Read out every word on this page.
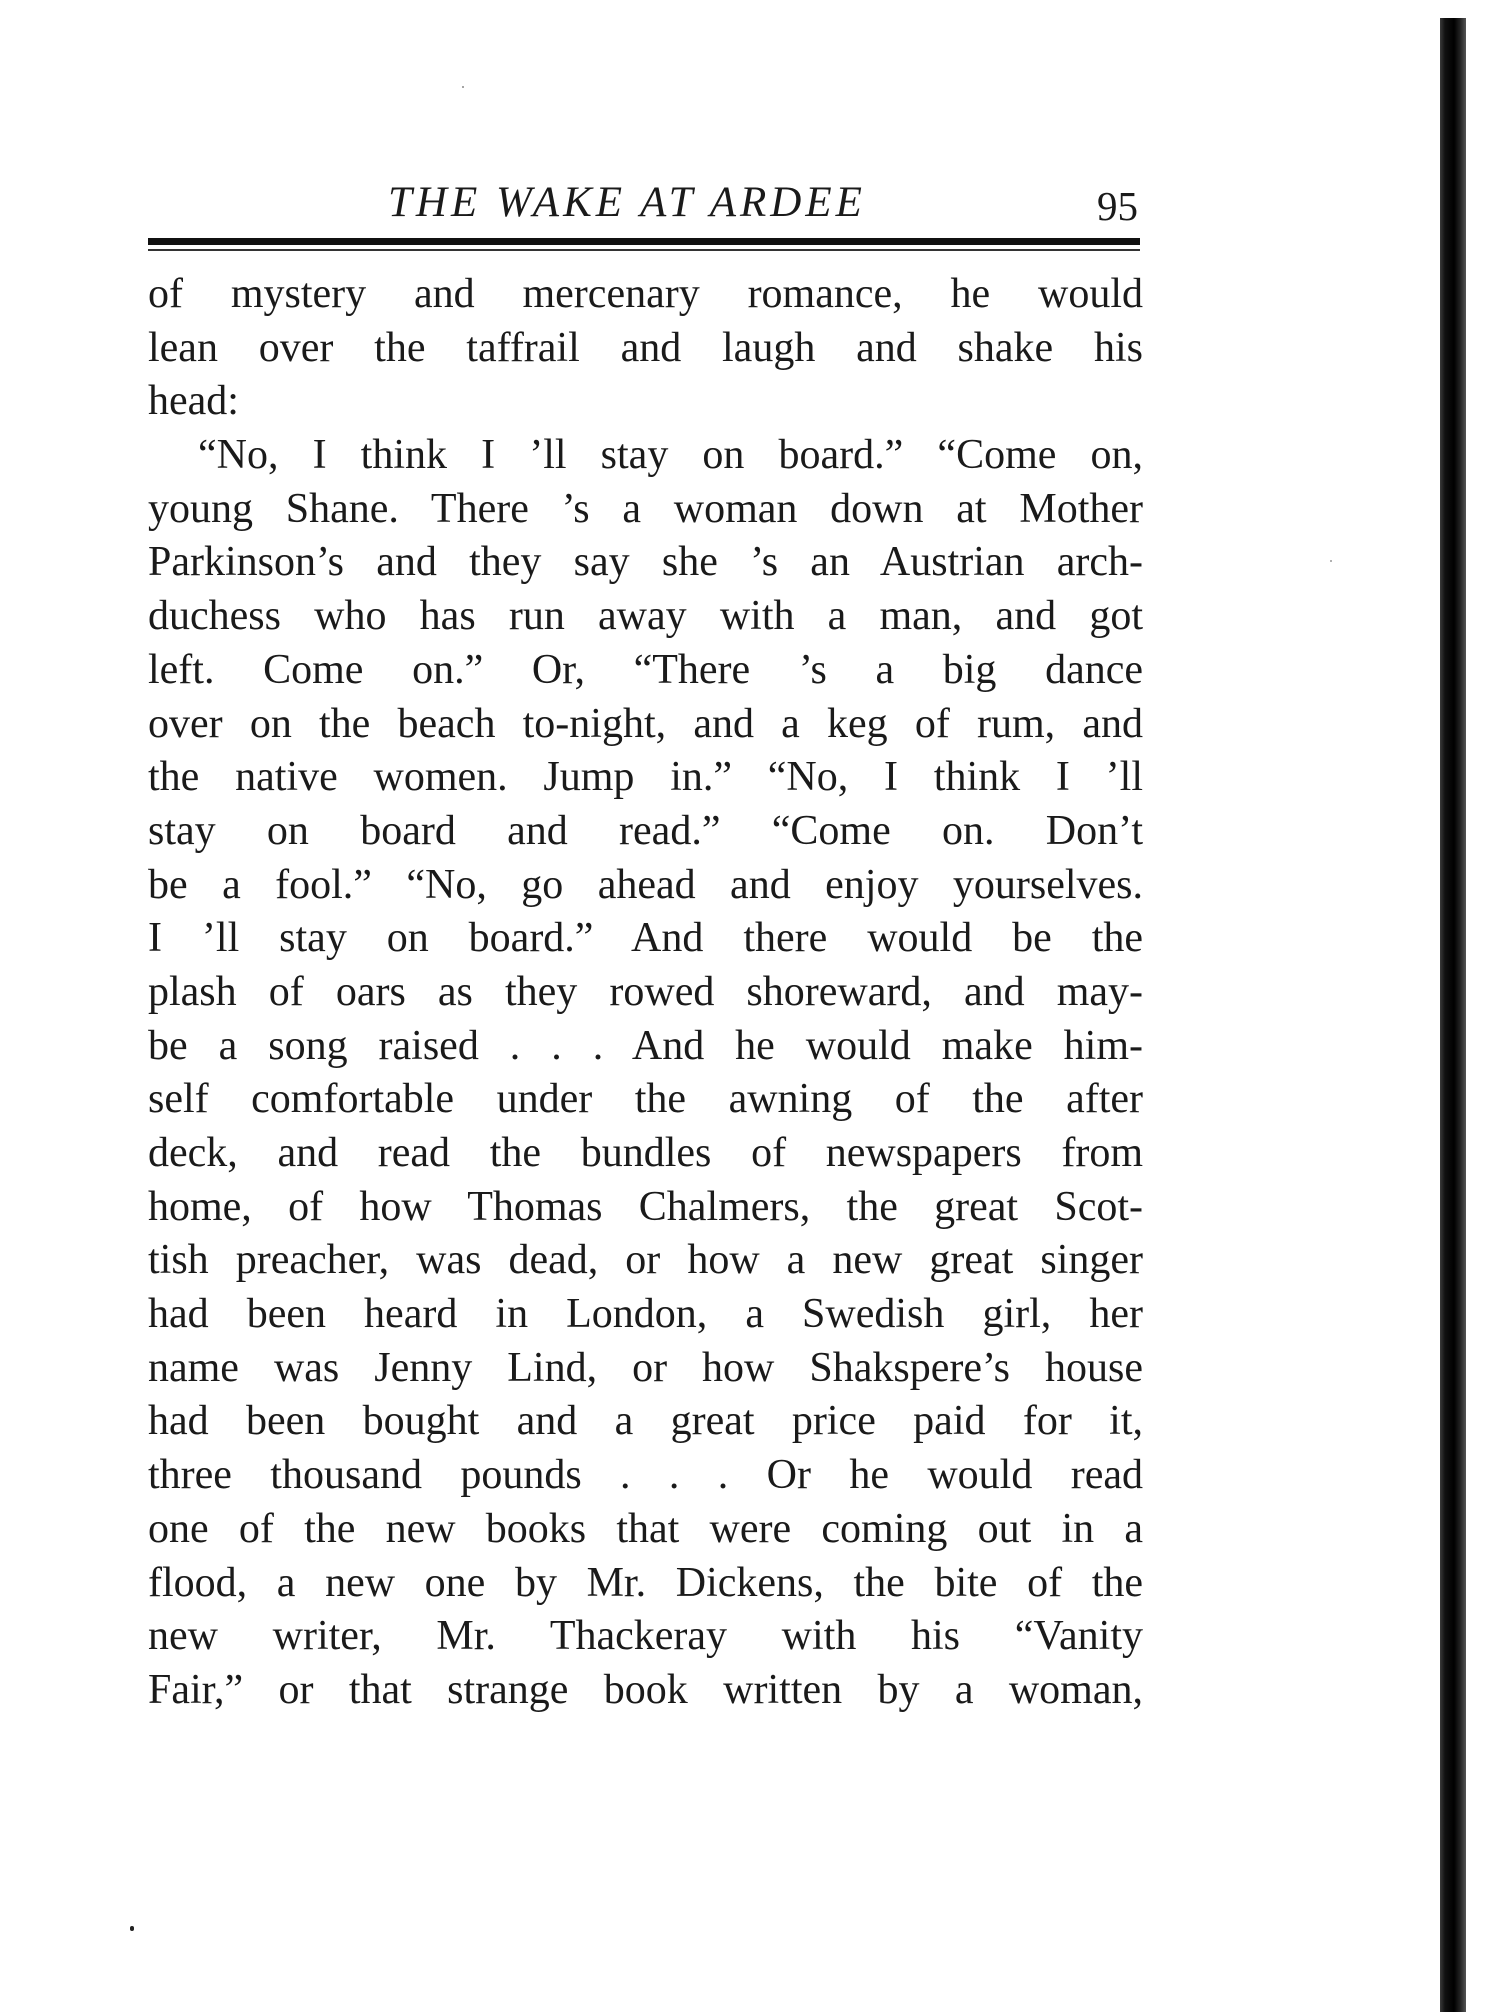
THE WAKE AT ARDEE	95
of mystery and mercenary romance, he would
lean over the taffrail and laugh and shake his
head:
“No, I think I ’ll stay on board.” “Come on,
young Shane. There ’s a woman down at Mother
Parkinson’s and they say she ’s an Austrian arch-
duchess who has run away with a man, and got
left. Come on.” Or, “There ’s a big dance
over on the beach to-night, and a keg of rum, and
the native women. Jump in.” “No, I think I ’ll
stay on board and read.” “Come on. Don’t
be a fool.” “No, go ahead and enjoy yourselves.
I ’ll stay on board.” And there would be the
plash of oars as they rowed shoreward, and may-
be a song raised . . . And he would make him-
self comfortable under the awning of the after
deck, and read the bundles of newspapers from
home, of how Thomas Chalmers, the great Scot-
tish preacher, was dead, or how a new great singer
had been heard in London, a Swedish girl, her
name was Jenny Lind, or how Shakspere’s house
had been bought and a great price paid for it,
three thousand pounds . . . Or he would read
one of the new books that were coming out in a
flood, a new one by Mr. Dickens, the bite of the
new writer, Mr. Thackeray with his “Vanity
Fair,” or that strange book written by a woman,
